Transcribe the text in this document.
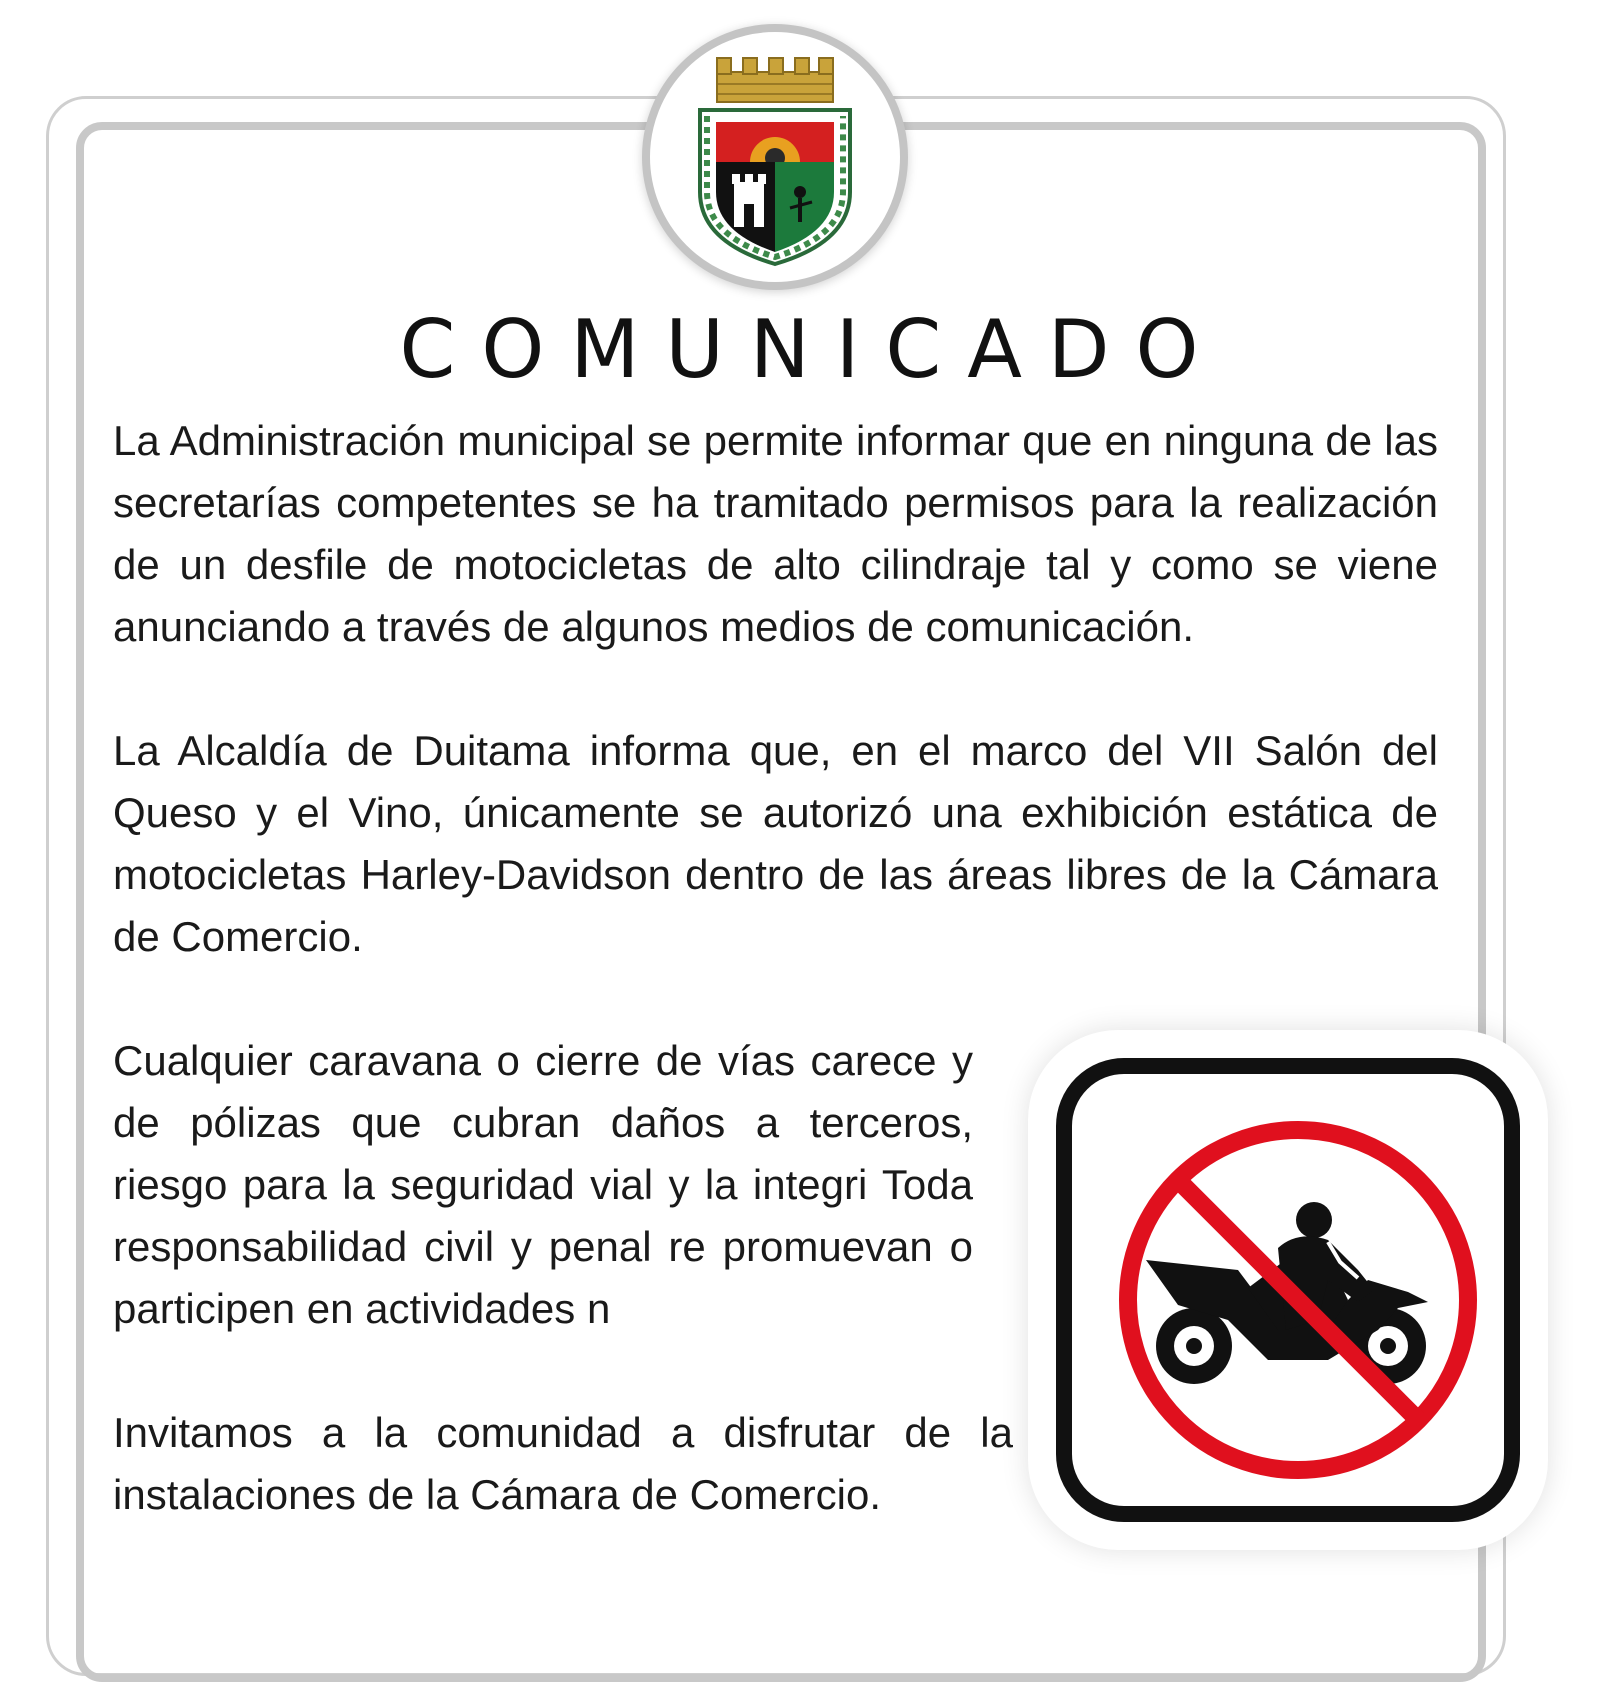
COMUNICADO

La Administración municipal se permite informar que en ninguna de las secretarías competentes se ha tramitado permisos para la realización de un desfile de motocicletas de alto cilindraje tal y como se viene anunciando a través de algunos medios de comunicación.

La Alcaldía de Duitama informa que, en el marco del VII Salón del Queso y el Vino, únicamente se autorizó una exhibición estática de motocicletas Harley-Davidson dentro de las áreas libres de la Cámara de Comercio.

Cualquier caravana o cierre de vías carece y de pólizas que cubran daños a terceros, riesgo para la seguridad vial y la integri Toda responsabilidad civil y penal re promuevan o participen en actividades n

Invitamos a la comunidad a disfrutar de la instalaciones de la Cámara de Comercio.
